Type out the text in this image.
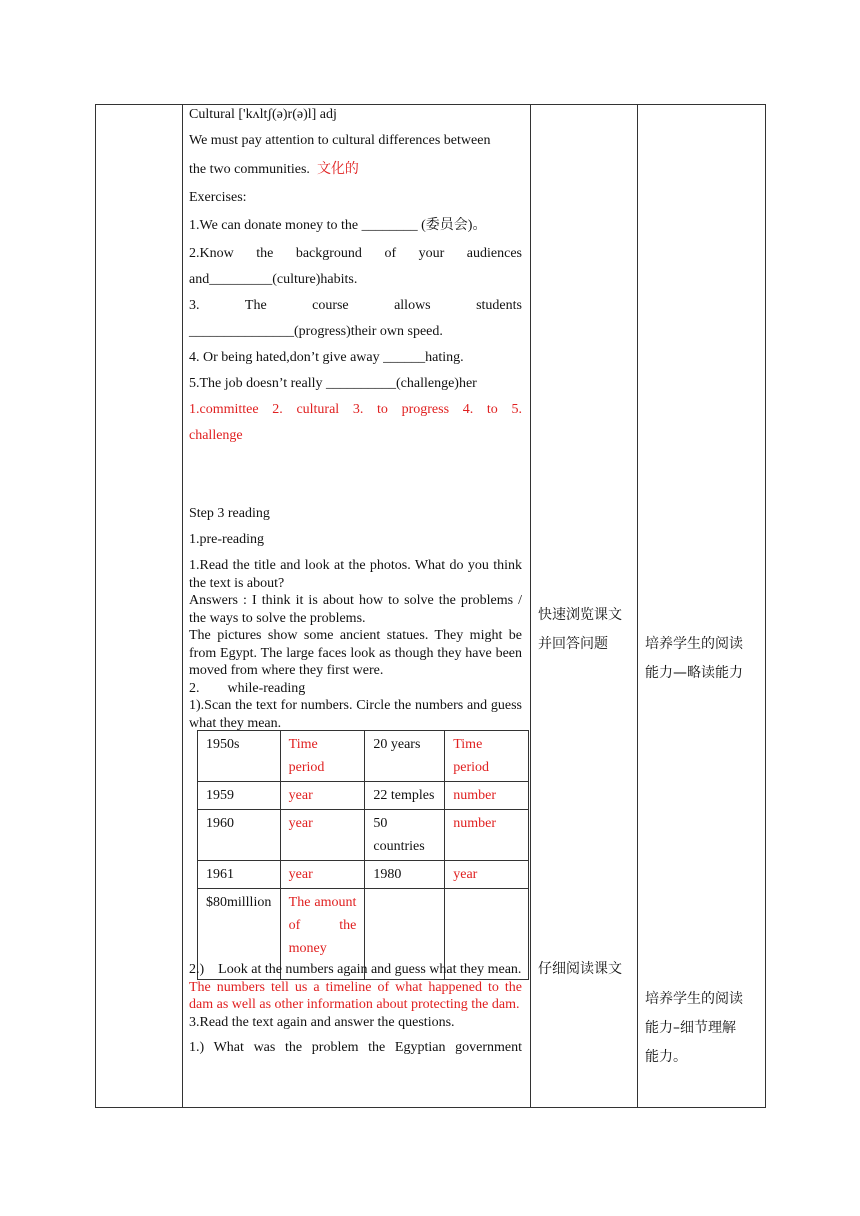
Cultural ['kʌltʃ(ə)r(ə)l] adj
We must pay attention to cultural differences between
the two communities. 文化的
Exercises:
1.We can donate money to the ________ (委员会)。
2.Know the background of your audiences
and_________(culture)habits.
3.	The	course	allows	students
_______________(progress)their own speed.
4. Or being hated,don’t give away ______hating.
5.The job doesn’t really __________(challenge)her
1.committee 2. cultural 3. to progress 4. to 5.
challenge
Step 3 reading
1.pre-reading
1.Read the title and look at the photos. What do you think the text is about?
Answers : I think it is about how to solve the problems / the ways to solve the problems.
The pictures show some ancient statues. They might be from Egypt. The large faces look as though they have been moved from where they first were.
2. while-reading
1).Scan the text for numbers. Circle the numbers and guess what they mean.
1950s	Time period	20 years	Time period
1959	year	22 temples	number
1960	year	50 countries	number
1961	year	1980	year
$80milllion	The amount of the money		
2.) Look at the numbers again and guess what they mean.
The numbers tell us a timeline of what happened to the dam as well as other information about protecting the dam.
3.Read the text again and answer the questions.
1.) What was the problem the Egyptian government
快速浏览课文
并回答问题
仔细阅读课文
培养学生的阅读
能力—略读能力
培养学生的阅读
能力–细节理解
能力。
